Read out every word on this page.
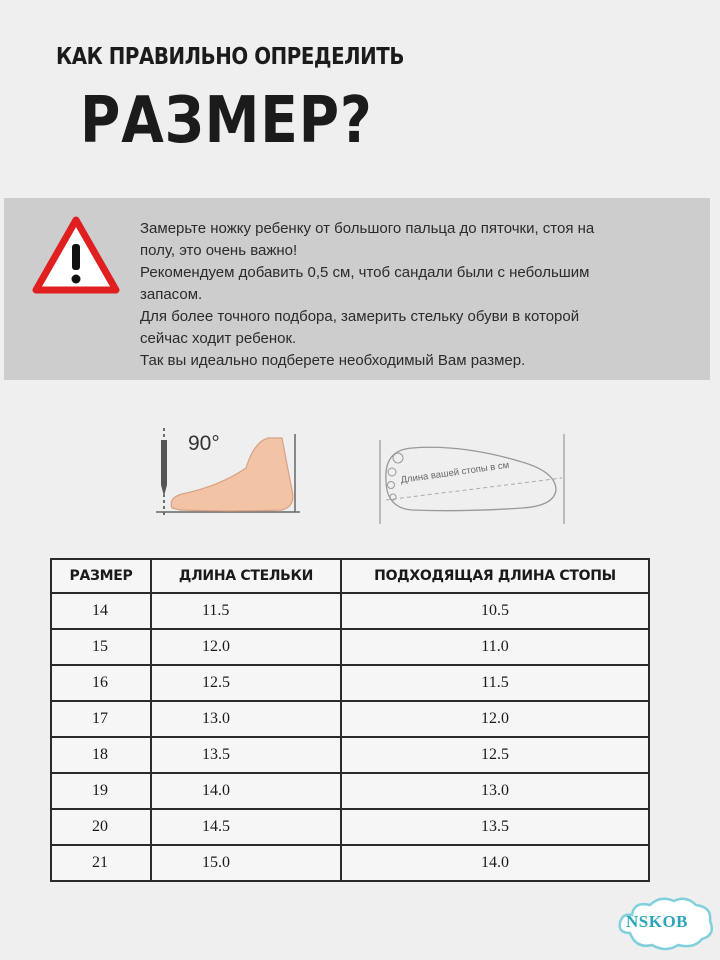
КАК ПРАВИЛЬНО ОПРЕДЕЛИТЬ
РАЗМЕР?

Замерьте ножку ребенку от большого пальца до пяточки, стоя на

полу, это очень важно!

Рекомендуем добавить 0,5 см, чтоб сандали были с небольшим

запасом.

Для более точного подбора, замерить стельку обуви в которой

сейчас ходит ребенок.

Так вы идеально подберете необходимый Вам размер.

90°
Длина вашей стопы в см
РАЗМЕР	ДЛИНА СТЕЛЬКИ	ПОДХОДЯЩАЯ ДЛИНА СТОПЫ
14	11.5	10.5
15	12.0	11.0
16	12.5	11.5
17	13.0	12.0
18	13.5	12.5
19	14.0	13.0
20	14.5	13.5
21	15.0	14.0
NSKOB
